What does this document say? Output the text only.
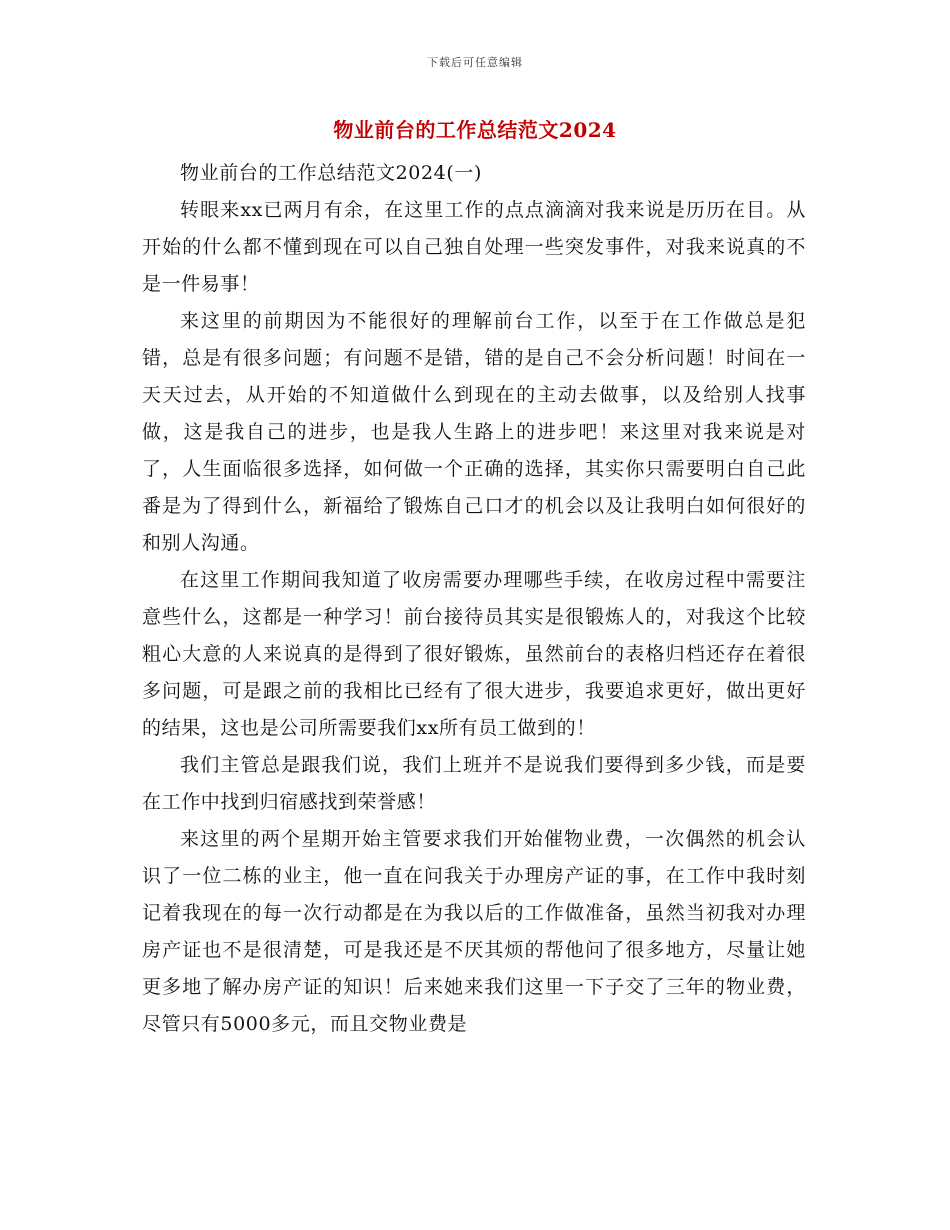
下载后可任意编辑
物业前台的工作总结范文2024

物业前台的工作总结范文2024(一)

转眼来xx已两月有余，在这里工作的点点滴滴对我来说是历历在目。从开始的什么都不懂到现在可以自己独自处理一些突发事件，对我来说真的不是一件易事！

来这里的前期因为不能很好的理解前台工作，以至于在工作做总是犯错，总是有很多问题；有问题不是错，错的是自己不会分析问题！时间在一天天过去，从开始的不知道做什么到现在的主动去做事，以及给别人找事做，这是我自己的进步，也是我人生路上的进步吧！来这里对我来说是对了，人生面临很多选择，如何做一个正确的选择，其实你只需要明白自己此番是为了得到什么，新福给了锻炼自己口才的机会以及让我明白如何很好的和别人沟通。

在这里工作期间我知道了收房需要办理哪些手续，在收房过程中需要注意些什么，这都是一种学习！前台接待员其实是很锻炼人的，对我这个比较粗心大意的人来说真的是得到了很好锻炼，虽然前台的表格归档还存在着很多问题，可是跟之前的我相比已经有了很大进步，我要追求更好，做出更好的结果，这也是公司所需要我们xx所有员工做到的！

我们主管总是跟我们说，我们上班并不是说我们要得到多少钱，而是要在工作中找到归宿感找到荣誉感！

来这里的两个星期开始主管要求我们开始催物业费，一次偶然的机会认识了一位二栋的业主，他一直在问我关于办理房产证的事，在工作中我时刻记着我现在的每一次行动都是在为我以后的工作做准备，虽然当初我对办理房产证也不是很清楚，可是我还是不厌其烦的帮他问了很多地方，尽量让她更多地了解办房产证的知识！后来她来我们这里一下子交了三年的物业费，尽管只有5000多元，而且交物业费是
